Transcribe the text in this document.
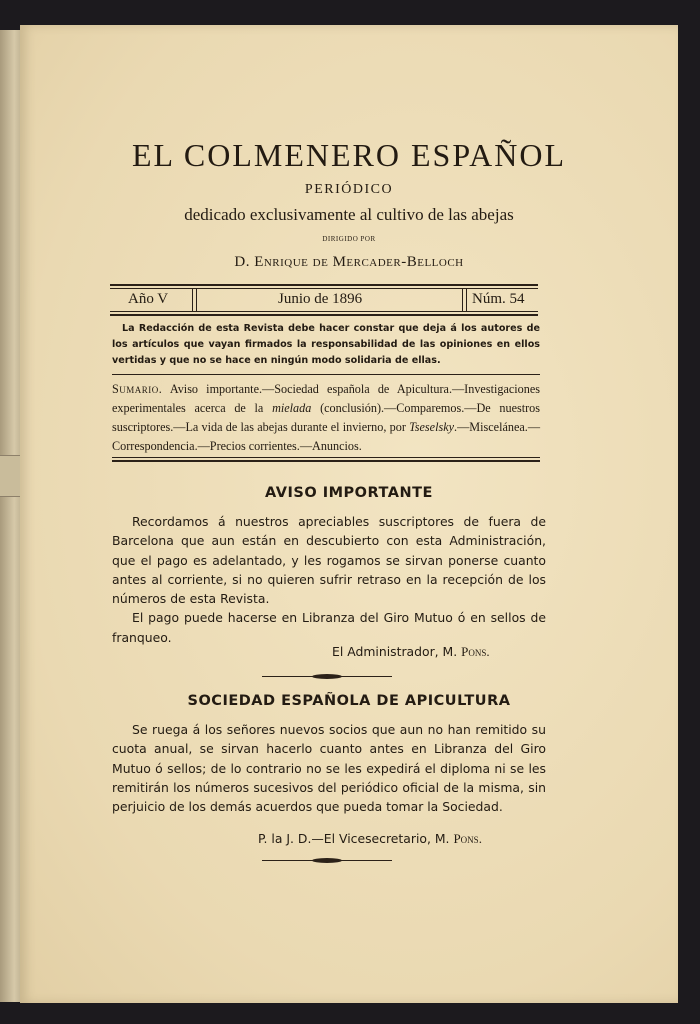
EL COLMENERO ESPAÑOL
PERIÓDICO
dedicado exclusivamente al cultivo de las abejas
DIRIGIDO POR
D. Enrique de Mercader-Belloch
Año V	Junio de 1896	Núm. 54
La Redacción de esta Revista debe hacer constar que deja á los autores de los artículos que vayan firmados la responsabilidad de las opiniones en ellos vertidas y que no se hace en ningún modo solidaria de ellas.
Sumario. Aviso importante.—Sociedad española de Apicultura.—Investigaciones experimentales acerca de la mielada (conclusión).—Comparemos.—De nuestros suscriptores.—La vida de las abejas durante el invierno, por Tseselsky.—Miscelánea.—Correspondencia.—Precios corrientes.—Anuncios.
AVISO IMPORTANTE

Recordamos á nuestros apreciables suscriptores de fuera de Barcelona que aun están en descubierto con esta Administración, que el pago es adelantado, y les rogamos se sirvan ponerse cuanto antes al corriente, si no quieren sufrir retraso en la recepción de los números de esta Revista.

El pago puede hacerse en Libranza del Giro Mutuo ó en sellos de franqueo.

El Administrador, M. Pons.
SOCIEDAD ESPAÑOLA DE APICULTURA

Se ruega á los señores nuevos socios que aun no han remitido su cuota anual, se sirvan hacerlo cuanto antes en Libranza del Giro Mutuo ó sellos; de lo contrario no se les expedirá el diploma ni se les remitirán los números sucesivos del periódico oficial de la misma, sin perjuicio de los demás acuerdos que pueda tomar la Sociedad.

P. la J. D.—El Vicesecretario, M. Pons.
